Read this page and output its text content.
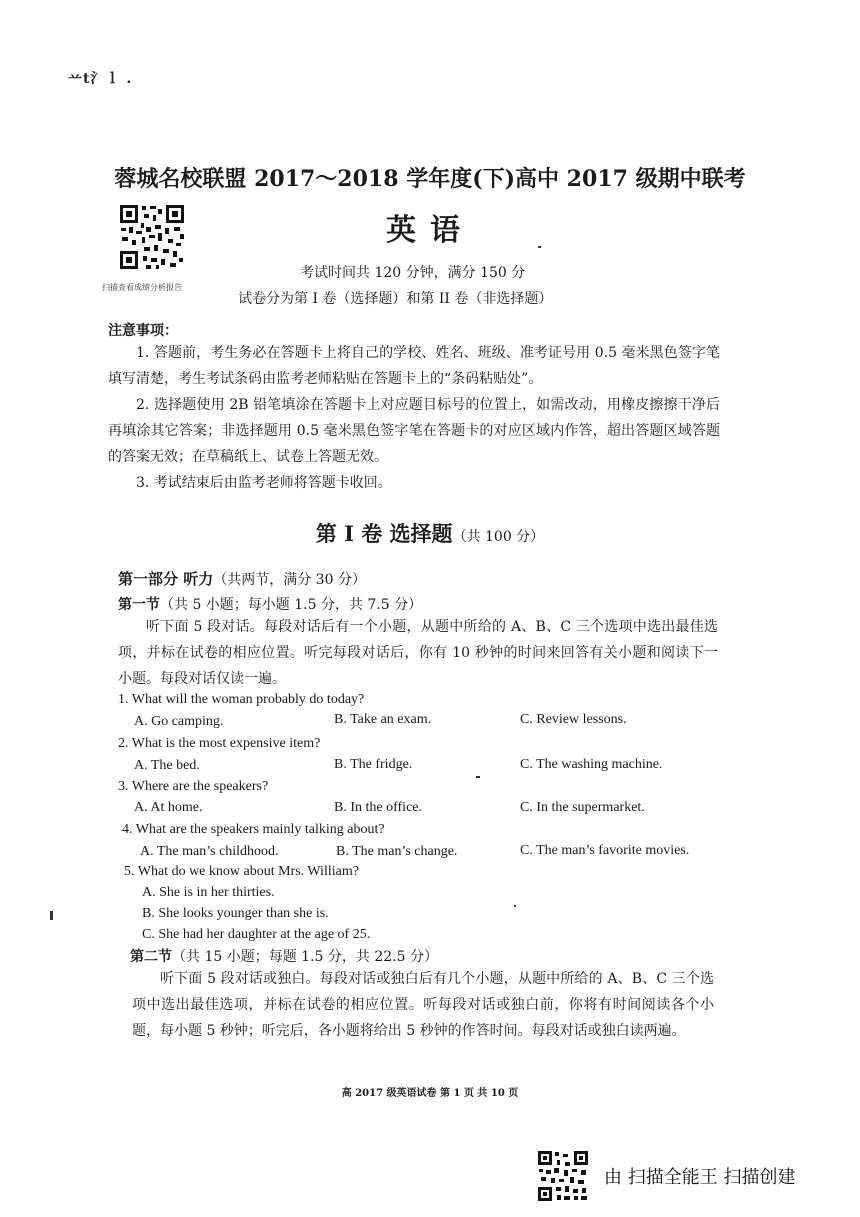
䒑t氵ｌ .
蓉城名校联盟 2017～2018 学年度(下)高中 2017 级期中联考
扫描查看成绩分析报告
英语
考试时间共 120 分钟，满分 150 分
试卷分为第 I 卷（选择题）和第 II 卷（非选择题）
注意事项：
1. 答题前，考生务必在答题卡上将自己的学校、姓名、班级、准考证号用 0.5 毫米黑色签字笔填写清楚，考生考试条码由监考老师粘贴在答题卡上的“条码粘贴处”。
2. 选择题使用 2B 铅笔填涂在答题卡上对应题目标号的位置上，如需改动，用橡皮擦擦干净后再填涂其它答案；非选择题用 0.5 毫米黑色签字笔在答题卡的对应区域内作答，超出答题区域答题的答案无效；在草稿纸上、试卷上答题无效。
3. 考试结束后由监考老师将答题卡收回。
第 I 卷 选择题（共 100 分）
第一部分 听力（共两节，满分 30 分）
第一节（共 5 小题；每小题 1.5 分，共 7.5 分）
听下面 5 段对话。每段对话后有一个小题，从题中所给的 A、B、C 三个选项中选出最佳选项，并标在试卷的相应位置。听完每段对话后，你有 10 秒钟的时间来回答有关小题和阅读下一小题。每段对话仅读一遍。
1. What will the woman probably do today?
A. Go camping.	B. Take an exam.	C. Review lessons.
2. What is the most expensive item?
A. The bed.	B. The fridge.	C. The washing machine.
3. Where are the speakers?
A. At home.	B. In the office.	C. In the supermarket.
4. What are the speakers mainly talking about?
A. The man’s childhood.	B. The man’s change.	C. The man’s favorite movies.
5. What do we know about Mrs. William?
A. She is in her thirties.
B. She looks younger than she is.
C. She had her daughter at the age of 25.
第二节（共 15 小题；每题 1.5 分，共 22.5 分）
听下面 5 段对话或独白。每段对话或独白后有几个小题，从题中所给的 A、B、C 三个选项中选出最佳选项，并标在试卷的相应位置。听每段对话或独白前，你将有时间阅读各个小题，每小题 5 秒钟；听完后，各小题将给出 5 秒钟的作答时间。每段对话或独白读两遍。
高 2017 级英语试卷 第 1 页 共 10 页
由 扫描全能王 扫描创建
